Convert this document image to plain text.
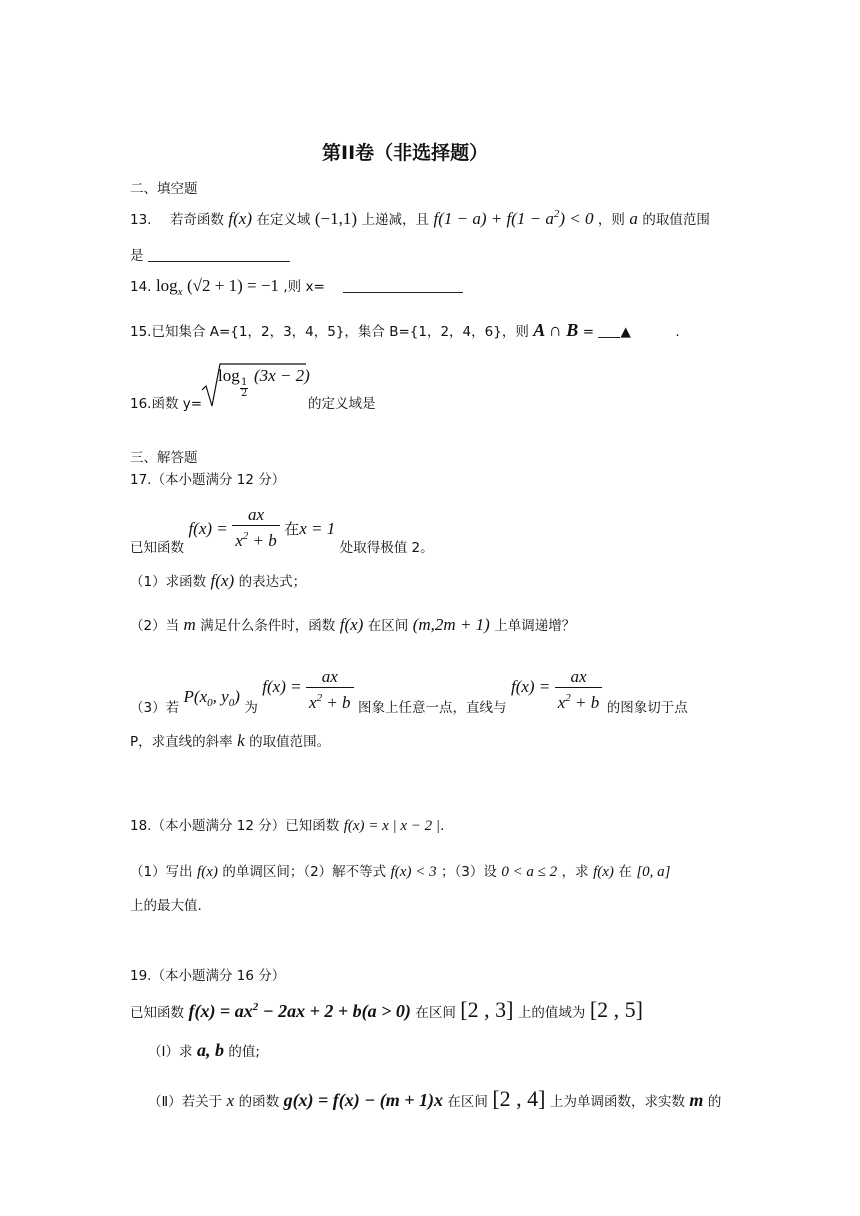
第II卷（非选择题）
二、填空题
13. 若奇函数 f(x) 在定义域 (−1,1) 上递减，且 $f(1 - a) + f(1 - a^2) < 0$ ，则 a 的取值范围
是
14. $\log_x (√2 + 1) = -1$ ,则 x=
15.已知集合 A={1，2，3，4，5}，集合 B={1，2，4，6}，则 A ∩ B = ▲	.
16.函数 y=
log
$\frac{1}{2}$
(3x − 2)
的定义域是
三、解答题
17.（本小题满分 12 分）
已知函数 $f(x) = \frac{ax}{x^2 + b}$ 在x = 1 处取得极值 2。
（1）求函数 f(x) 的表达式；
（2）当 m 满足什么条件时，函数 f(x) 在区间 (m,2m + 1) 上单调递增？
（3）若 $P(x_0$, $y_0$) 为 $f(x) = \frac{ax}{x^2 + b}$ 图象上任意一点，直线与 $f(x) = \frac{ax}{x^2 + b}$ 的图象切于点
P，求直线的斜率 k 的取值范围。
18.（本小题满分 12 分）已知函数 f(x) = x | x − 2 |.
（1）写出 f(x) 的单调区间；（2）解不等式 f(x) < 3 ；（3）设 0 < a ≤ 2 ，求 f(x) 在 [0, a]
上的最大值.
19.（本小题满分 16 分）
已知函数 $f(x) = ax^2 - 2ax + 2 + b(a > 0)$ 在区间 [2 , 3] 上的值域为 [2 , 5]
（Ⅰ）求 a, b 的值;
（Ⅱ）若关于 x 的函数 g(x) = f(x) − (m + 1)x 在区间 [2 , 4] 上为单调函数，求实数 m 的
